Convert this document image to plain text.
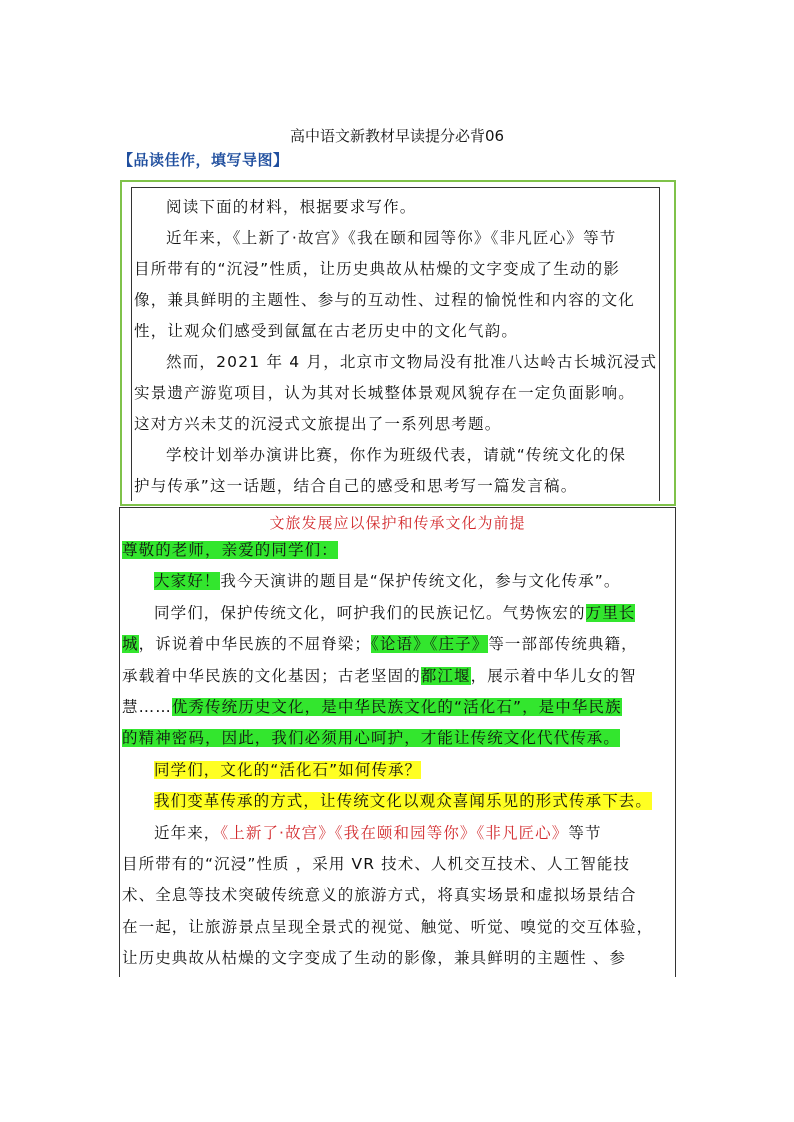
高中语文新教材早读提分必背06
【品读佳作，填写导图】
阅读下面的材料，根据要求写作。
近年来，《上新了·故宫》《我在颐和园等你》《非凡匠心》等节
目所带有的“沉浸”性质，让历史典故从枯燥的文字变成了生动的影
像，兼具鲜明的主题性、参与的互动性、过程的愉悦性和内容的文化
性，让观众们感受到氤氲在古老历史中的文化气韵。
然而，2021 年 4 月，北京市文物局没有批准八达岭古长城沉浸式
实景遗产游览项目，认为其对长城整体景观风貌存在一定负面影响。
这对方兴未艾的沉浸式文旅提出了一系列思考题。
学校计划举办演讲比赛，你作为班级代表，请就“传统文化的保
护与传承”这一话题，结合自己的感受和思考写一篇发言稿。
文旅发展应以保护和传承文化为前提
尊敬的老师，亲爱的同学们：
大家好！我今天演讲的题目是“保护传统文化，参与文化传承”。
同学们，保护传统文化，呵护我们的民族记忆。气势恢宏的万里长
城，诉说着中华民族的不屈脊梁；《论语》《庄子》等一部部传统典籍，
承载着中华民族的文化基因；古老坚固的都江堰，展示着中华儿女的智
慧……优秀传统历史文化，是中华民族文化的“活化石”，是中华民族
的精神密码，因此，我们必须用心呵护，才能让传统文化代代传承。
同学们，文化的“活化石”如何传承？
我们变革传承的方式，让传统文化以观众喜闻乐见的形式传承下去。
近年来，《上新了·故宫》《我在颐和园等你》《非凡匠心》等节
目所带有的“沉浸”性质 ，采用 VR 技术、人机交互技术、人工智能技
术、全息等技术突破传统意义的旅游方式，将真实场景和虚拟场景结合
在一起，让旅游景点呈现全景式的视觉、触觉、听觉、嗅觉的交互体验，
让历史典故从枯燥的文字变成了生动的影像，兼具鲜明的主题性 、参
